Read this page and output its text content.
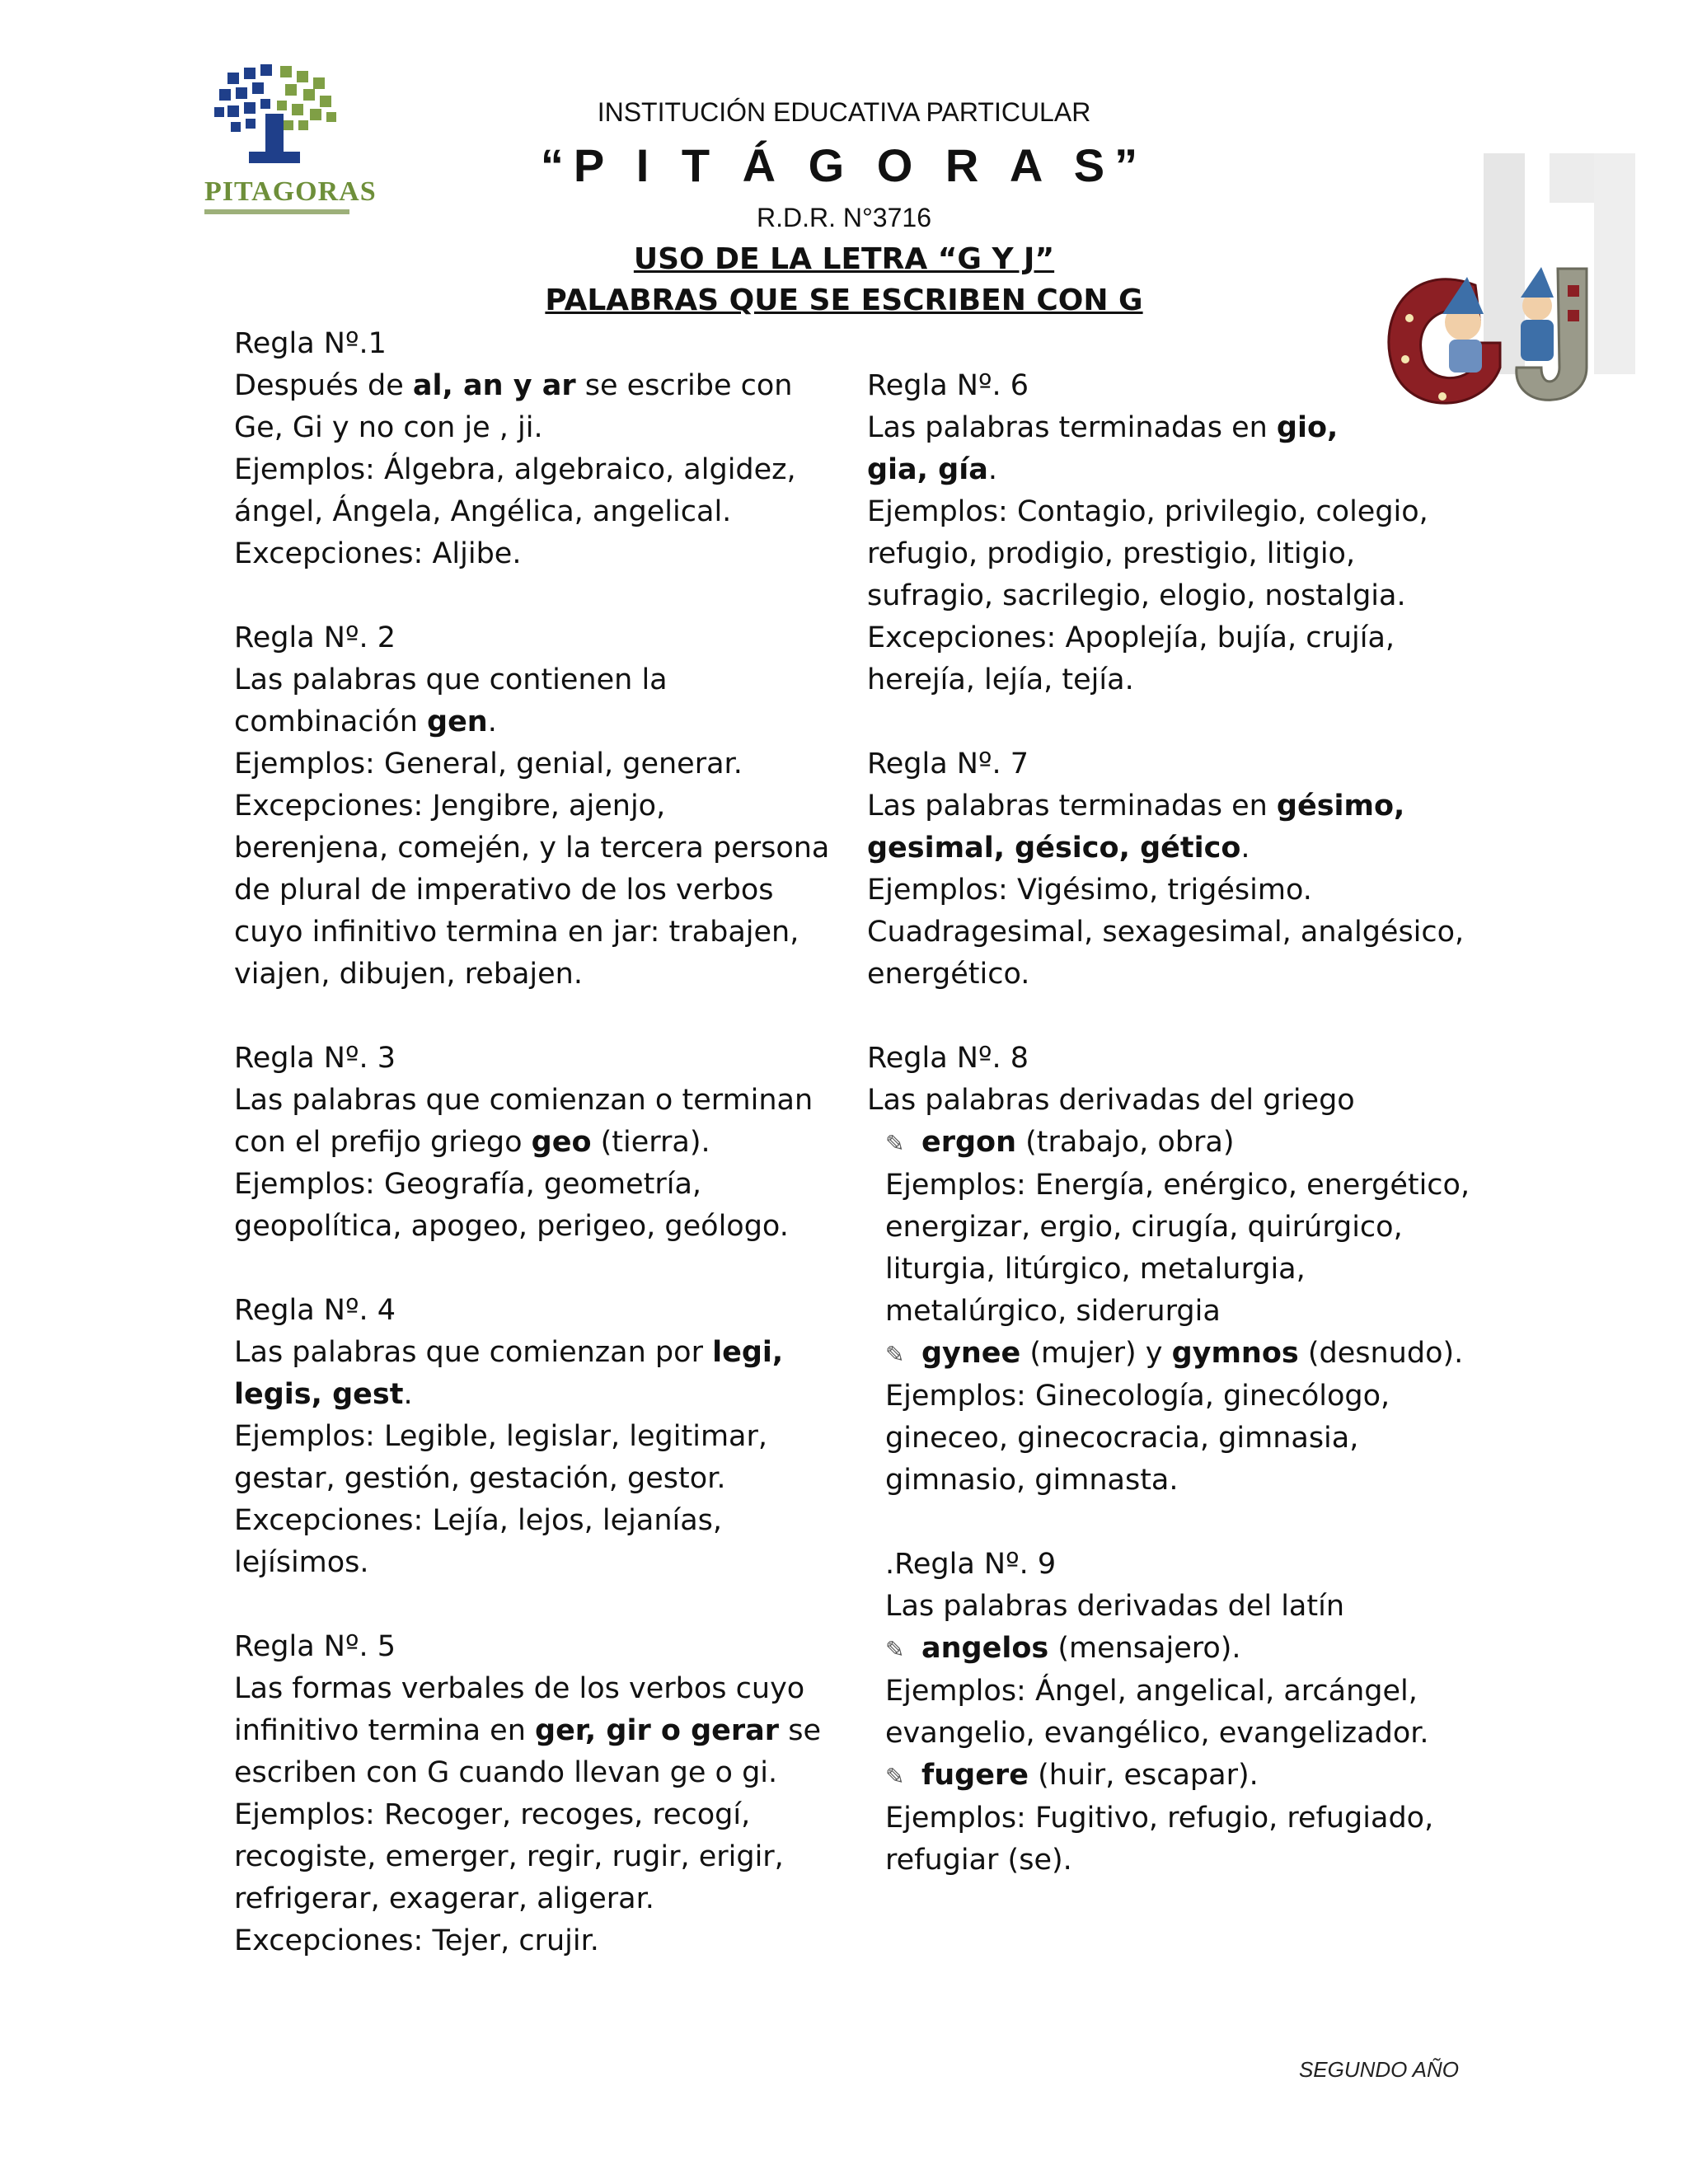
PITAGORAS
INSTITUCIÓN EDUCATIVA PARTICULAR
“P I T Á G O R A S”
R.D.R. N°3716
USO DE LA LETRA “G Y J”
PALABRAS QUE SE ESCRIBEN CON G

Regla Nº.1

Después de al, an y ar se escribe con

Ge, Gi y no con je , ji.

Ejemplos: Álgebra, algebraico, algidez,

ángel, Ángela, Angélica, angelical.

Excepciones: Aljibe.

Regla Nº. 2

Las palabras que contienen la

combinación gen.

Ejemplos: General, genial, generar.

Excepciones: Jengibre, ajenjo,

berenjena, comején, y la tercera persona

de plural de imperativo de los verbos

cuyo infinitivo termina en jar: trabajen,

viajen, dibujen, rebajen.

Regla Nº. 3

Las palabras que comienzan o terminan

con el prefijo griego geo (tierra).

Ejemplos: Geografía, geometría,

geopolítica, apogeo, perigeo, geólogo.

Regla Nº. 4

Las palabras que comienzan por legi,

legis, gest.

Ejemplos: Legible, legislar, legitimar,

gestar, gestión, gestación, gestor.

Excepciones: Lejía, lejos, lejanías,

lejísimos.

Regla Nº. 5

Las formas verbales de los verbos cuyo

infinitivo termina en ger, gir o gerar se

escriben con G cuando llevan ge o gi.

Ejemplos: Recoger, recoges, recogí,

recogiste, emerger, regir, rugir, erigir,

refrigerar, exagerar, aligerar.

Excepciones: Tejer, crujir.

Regla Nº. 6

Las palabras terminadas en gio,

gia, gía.

Ejemplos: Contagio, privilegio, colegio,

refugio, prodigio, prestigio, litigio,

sufragio, sacrilegio, elogio, nostalgia.

Excepciones: Apoplejía, bujía, crujía,

herejía, lejía, tejía.

Regla Nº. 7

Las palabras terminadas en gésimo,

gesimal, gésico, gético.

Ejemplos: Vigésimo, trigésimo.

Cuadragesimal, sexagesimal, analgésico,

energético.

Regla Nº. 8

Las palabras derivadas del griego

✎ ergon (trabajo, obra)

Ejemplos: Energía, enérgico, energético,

energizar, ergio, cirugía, quirúrgico,

liturgia, litúrgico, metalurgia,

metalúrgico, siderurgia

✎ gynee (mujer) y gymnos (desnudo).

Ejemplos: Ginecología, ginecólogo,

gineceo, ginecocracia, gimnasia,

gimnasio, gimnasta.

.Regla Nº. 9

Las palabras derivadas del latín

✎ angelos (mensajero).

Ejemplos: Ángel, angelical, arcángel,

evangelio, evangélico, evangelizador.

✎ fugere (huir, escapar).

Ejemplos: Fugitivo, refugio, refugiado,

refugiar (se).

SEGUNDO AÑO
